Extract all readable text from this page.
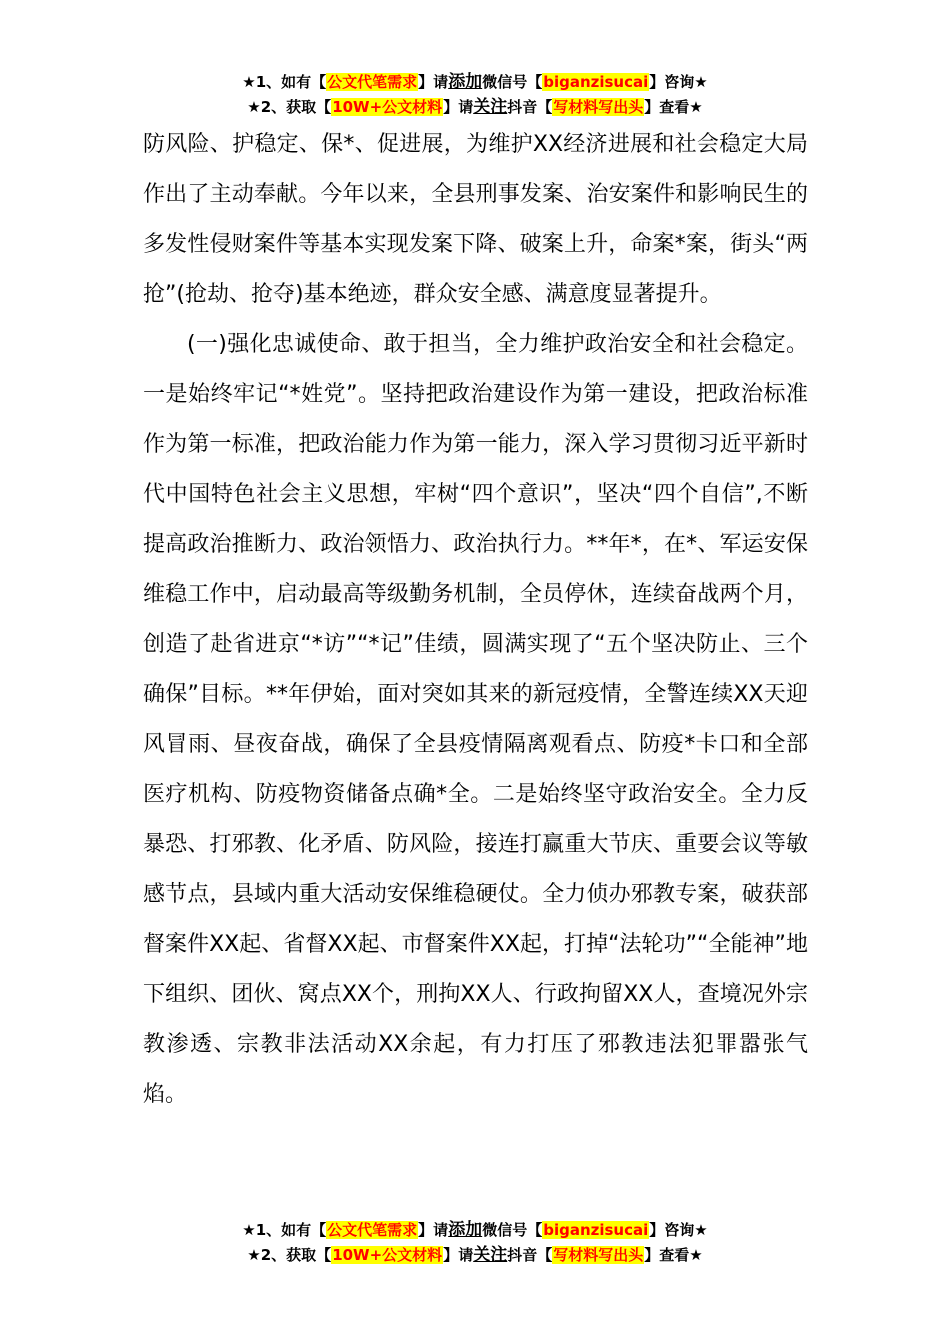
★1、如有【公文代笔需求】请添加微信号【biganzisucai】咨询★
★2、获取【10W+公文材料】请关注抖音【写材料写出头】查看★

防风险、护稳定、保*、促进展，为维护XX经济进展和社会稳定大局作出了主动奉献。今年以来，全县刑事发案、治安案件和影响民生的多发性侵财案件等基本实现发案下降、破案上升，命案*案，街头“两抢”(抢劫、抢夺)基本绝迹，群众安全感、满意度显著提升。

(一)强化忠诚使命、敢于担当，全力维护政治安全和社会稳定。一是始终牢记“*姓党”。坚持把政治建设作为第一建设，把政治标准作为第一标准，把政治能力作为第一能力，深入学习贯彻习近平新时代中国特色社会主义思想，牢树“四个意识”，坚决“四个自信”,不断提高政治推断力、政治领悟力、政治执行力。**年*，在*、军运安保维稳工作中，启动最高等级勤务机制，全员停休，连续奋战两个月，创造了赴省进京“*访”“*记”佳绩，圆满实现了“五个坚决防止、三个确保”目标。**年伊始，面对突如其来的新冠疫情，全警连续XX天迎风冒雨、昼夜奋战，确保了全县疫情隔离观看点、防疫*卡口和全部医疗机构、防疫物资储备点确*全。二是始终坚守政治安全。全力反暴恐、打邪教、化矛盾、防风险，接连打赢重大节庆、重要会议等敏感节点，县域内重大活动安保维稳硬仗。全力侦办邪教专案，破获部督案件XX起、省督XX起、市督案件XX起，打掉“法轮功”“全能神”地下组织、团伙、窝点XX个，刑拘XX人、行政拘留XX人，查境况外宗教渗透、宗教非法活动XX余起，有力打压了邪教违法犯罪嚣张气焰。

★1、如有【公文代笔需求】请添加微信号【biganzisucai】咨询★
★2、获取【10W+公文材料】请关注抖音【写材料写出头】查看★
